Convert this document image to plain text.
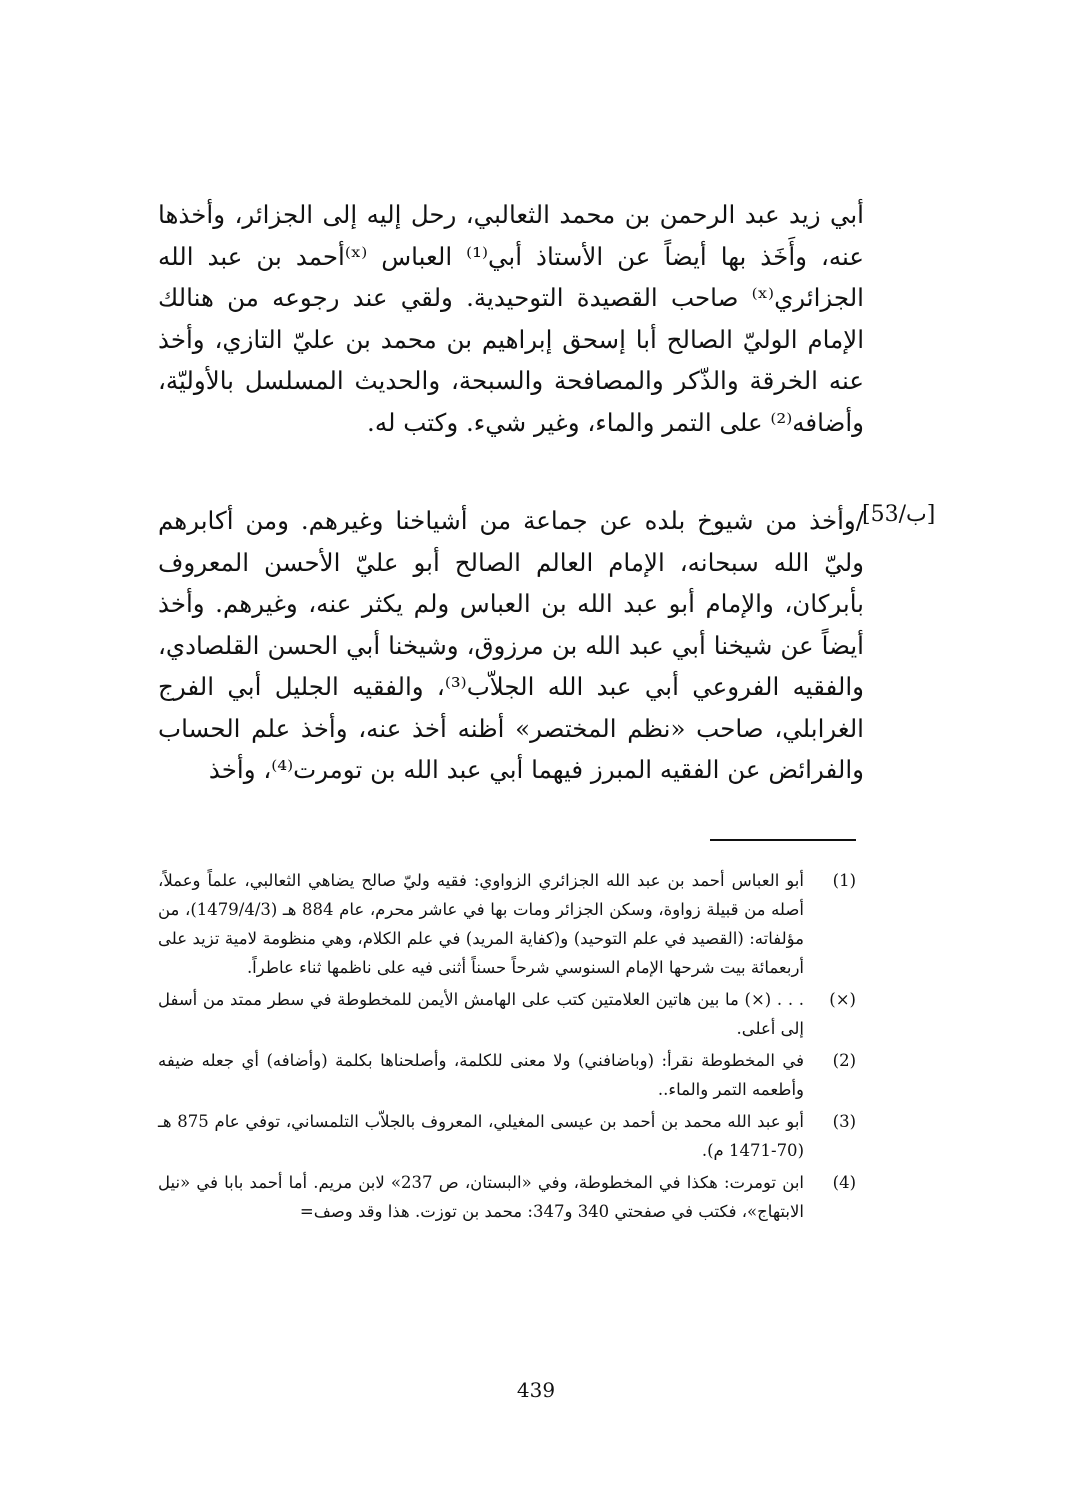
أبي زيد عبد الرحمن بن محمد الثعالبي، رحل إليه إلى الجزائر، وأخذها عنه، وأَخَذ بها أيضاً عن الأستاذ أبي⁽¹⁾ العباس ⁽ˣ⁾أحمد بن عبد الله الجزائري⁽ˣ⁾ صاحب القصيدة التوحيدية. ولقي عند رجوعه من هنالك الإمام الوليّ الصالح أبا إسحق إبراهيم بن محمد بن عليّ التازي، وأخذ عنه الخرقة والذّكر والمصافحة والسبحة، والحديث المسلسل بالأوليّة، وأضافه⁽²⁾ على التمر والماء، وغير شيء. وكتب له.
[53/ب]
/وأخذ من شيوخ بلده عن جماعة من أشياخنا وغيرهم. ومن أكابرهم وليّ الله سبحانه، الإمام العالم الصالح أبو عليّ الأحسن المعروف بأبركان، والإمام أبو عبد الله بن العباس ولم يكثر عنه، وغيرهم. وأخذ أيضاً عن شيخنا أبي عبد الله بن مرزوق، وشيخنا أبي الحسن القلصادي، والفقيه الفروعي أبي عبد الله الجلاّب⁽³⁾، والفقيه الجليل أبي الفرج الغرابلي، صاحب «نظم المختصر» أظنه أخذ عنه، وأخذ علم الحساب والفرائض عن الفقيه المبرز فيهما أبي عبد الله بن تومرت⁽⁴⁾، وأخذ
(1)
أبو العباس أحمد بن عبد الله الجزائري الزواوي: فقيه وليّ صالح يضاهي الثعالبي، علماً وعملاً، أصله من قبيلة زواوة، وسكن الجزائر ومات بها في عاشر محرم، عام 884 هـ (1479/4/3)، من مؤلفاته: (القصيد في علم التوحيد) و(كفاية المريد) في علم الكلام، وهي منظومة لامية تزيد على أربعمائة بيت شرحها الإمام السنوسي شرحاً حسناً أثنى فيه على ناظمها ثناء عاطراً.
(×)
. . . (×) ما بين هاتين العلامتين كتب على الهامش الأيمن للمخطوطة في سطر ممتد من أسفل إلى أعلى.
(2)
في المخطوطة نقرأ: (وباضافني) ولا معنى للكلمة، وأصلحناها بكلمة (وأضافه) أي جعله ضيفه وأطعمه التمر والماء..
(3)
أبو عبد الله محمد بن أحمد بن عيسى المغيلي، المعروف بالجلاّب التلمساني، توفي عام 875 هـ (70-1471 م).
(4)
ابن تومرت: هكذا في المخطوطة، وفي «البستان، ص 237» لابن مريم. أما أحمد بابا في «نيل الابتهاج»، فكتب في صفحتي 340 و347: محمد بن توزت. هذا وقد وصف=
439
